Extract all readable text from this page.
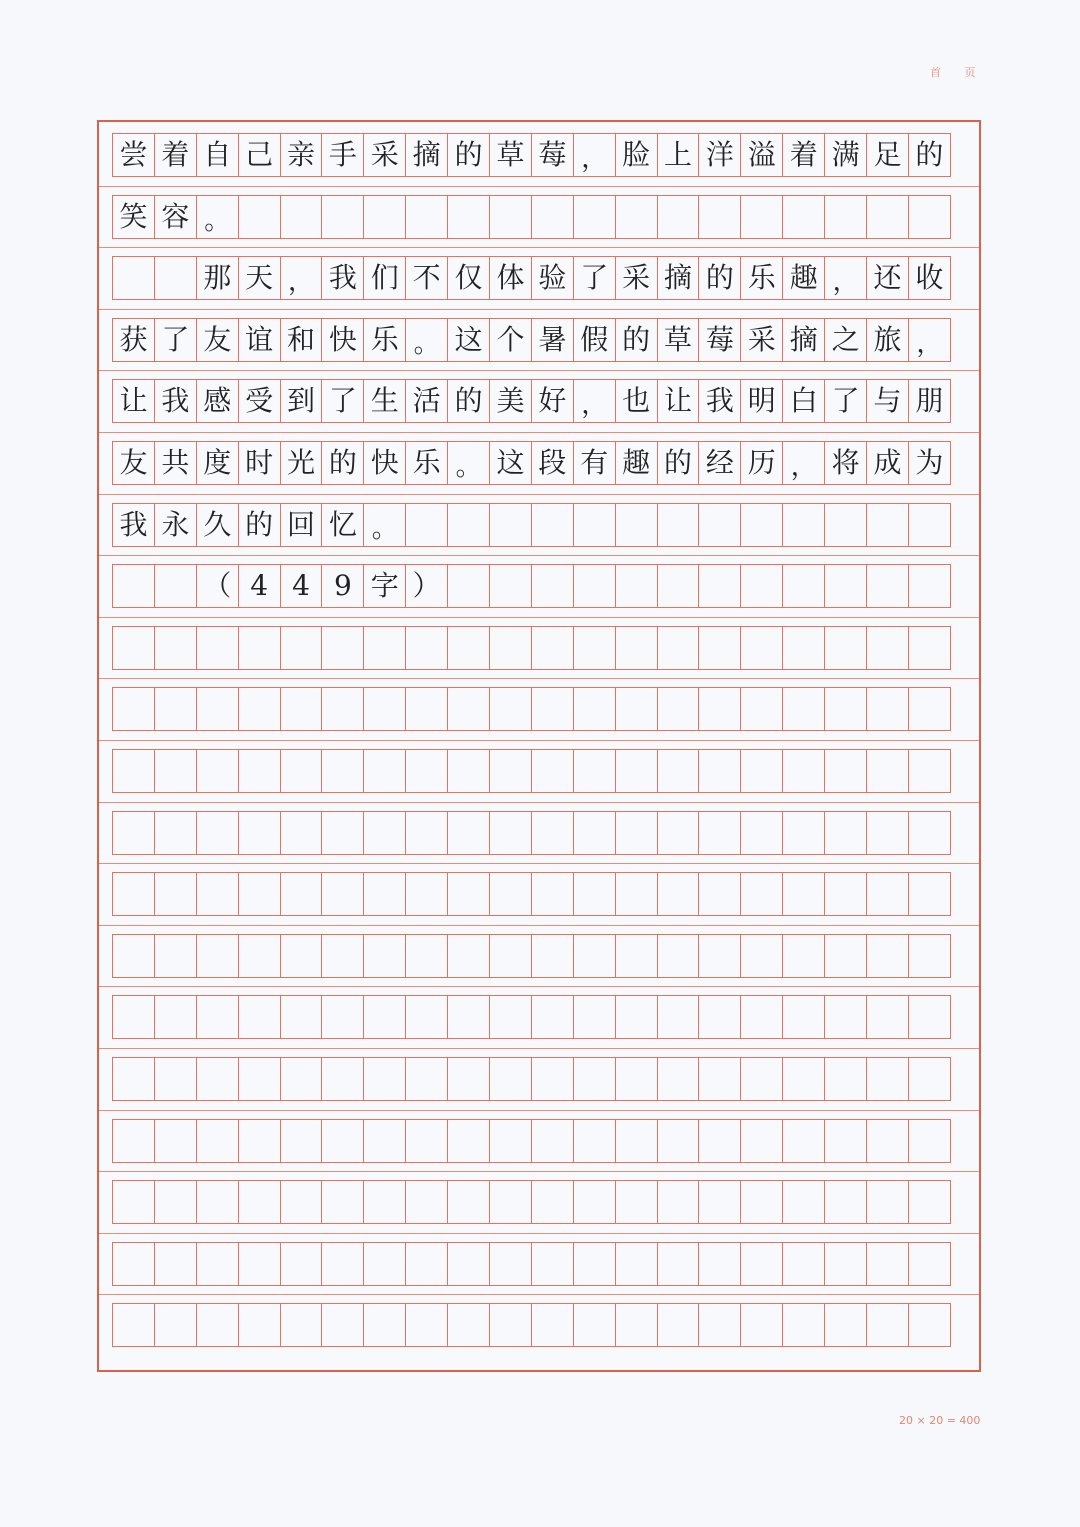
首 页
尝 着 自 己 亲 手 采 摘 的 草 莓 ， 脸 上 洋 溢 着 满 足 的
笑 容 。
那 天 ， 我 们 不 仅 体 验 了 采 摘 的 乐 趣 ， 还 收
获 了 友 谊 和 快 乐 。 这 个 暑 假 的 草 莓 采 摘 之 旅 ，
让 我 感 受 到 了 生 活 的 美 好 ， 也 让 我 明 白 了 与 朋
友 共 度 时 光 的 快 乐 。 这 段 有 趣 的 经 历 ， 将 成 为
我 永 久 的 回 忆 。
（ 4 4 9 字 ）
20 × 20 = 400
